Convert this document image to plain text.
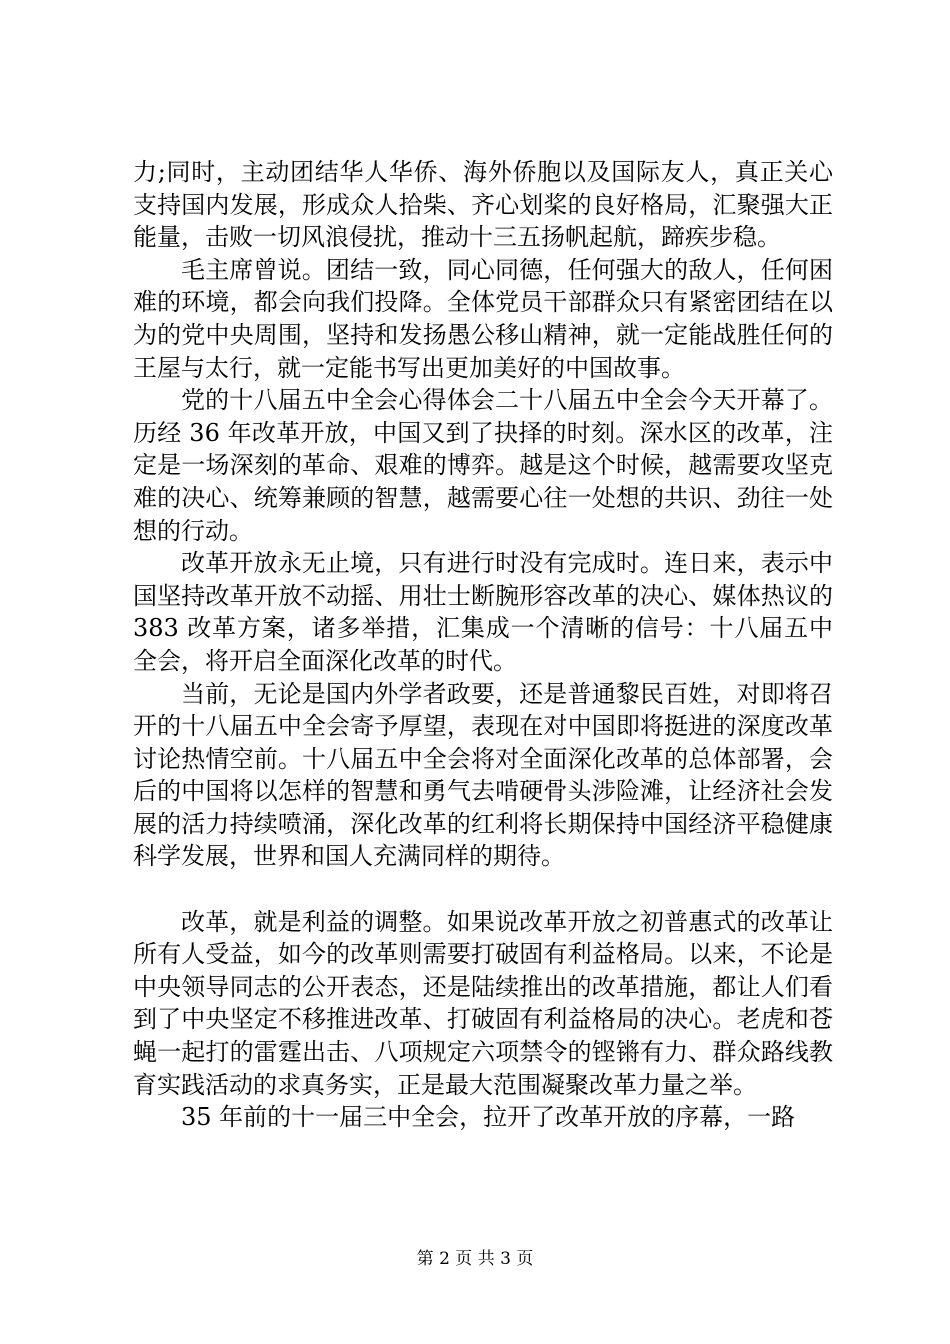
力;同时，主动团结华人华侨、海外侨胞以及国际友人，真正关心支持国内发展，形成众人拾柴、齐心划桨的良好格局，汇聚强大正能量，击败一切风浪侵扰，推动十三五扬帆起航，蹄疾步稳。

毛主席曾说。团结一致，同心同德，任何强大的敌人，任何困难的环境，都会向我们投降。全体党员干部群众只有紧密团结在以为的党中央周围，坚持和发扬愚公移山精神，就一定能战胜任何的王屋与太行，就一定能书写出更加美好的中国故事。

党的十八届五中全会心得体会二十八届五中全会今天开幕了。历经 36 年改革开放，中国又到了抉择的时刻。深水区的改革，注定是一场深刻的革命、艰难的博弈。越是这个时候，越需要攻坚克难的决心、统筹兼顾的智慧，越需要心往一处想的共识、劲往一处想的行动。

改革开放永无止境，只有进行时没有完成时。连日来，表示中国坚持改革开放不动摇、用壮士断腕形容改革的决心、媒体热议的 383 改革方案，诸多举措，汇集成一个清晰的信号：十八届五中全会，将开启全面深化改革的时代。

当前，无论是国内外学者政要，还是普通黎民百姓，对即将召开的十八届五中全会寄予厚望，表现在对中国即将挺进的深度改革讨论热情空前。十八届五中全会将对全面深化改革的总体部署，会后的中国将以怎样的智慧和勇气去啃硬骨头涉险滩，让经济社会发展的活力持续喷涌，深化改革的红利将长期保持中国经济平稳健康科学发展，世界和国人充满同样的期待。

改革，就是利益的调整。如果说改革开放之初普惠式的改革让所有人受益，如今的改革则需要打破固有利益格局。以来，不论是中央领导同志的公开表态，还是陆续推出的改革措施，都让人们看到了中央坚定不移推进改革、打破固有利益格局的决心。老虎和苍蝇一起打的雷霆出击、八项规定六项禁令的铿锵有力、群众路线教育实践活动的求真务实，正是最大范围凝聚改革力量之举。

35 年前的十一届三中全会，拉开了改革开放的序幕，一路

第 2 页 共 3 页
